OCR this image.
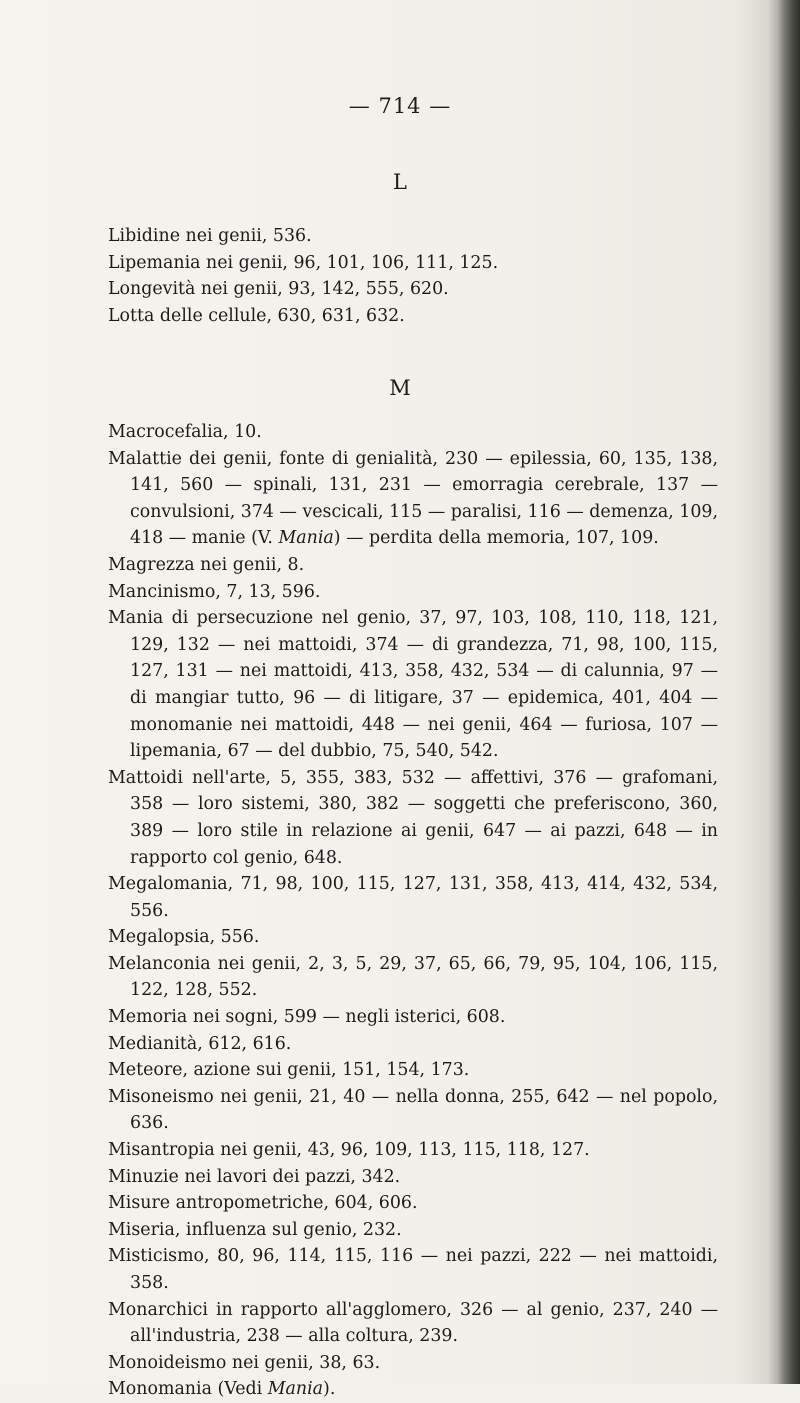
— 714 —
L

Libidine nei genii, 536.

Lipemania nei genii, 96, 101, 106, 111, 125.

Longevità nei genii, 93, 142, 555, 620.

Lotta delle cellule, 630, 631, 632.

M

Macrocefalia, 10.

Malattie dei genii, fonte di genialità, 230 — epilessia, 60, 135, 138, 141, 560 — spinali, 131, 231 — emorragia cerebrale, 137 — convulsioni, 374 — vescicali, 115 — paralisi, 116 — demenza, 109, 418 — manie (V. Mania) — perdita della memoria, 107, 109.

Magrezza nei genii, 8.

Mancinismo, 7, 13, 596.

Mania di persecuzione nel genio, 37, 97, 103, 108, 110, 118, 121, 129, 132 — nei mattoidi, 374 — di grandezza, 71, 98, 100, 115, 127, 131 — nei mattoidi, 413, 358, 432, 534 — di calunnia, 97 — di mangiar tutto, 96 — di litigare, 37 — epidemica, 401, 404 — monomanie nei mattoidi, 448 — nei genii, 464 — furiosa, 107 — lipemania, 67 — del dubbio, 75, 540, 542.

Mattoidi nell'arte, 5, 355, 383, 532 — affettivi, 376 — grafomani, 358 — loro sistemi, 380, 382 — soggetti che preferiscono, 360, 389 — loro stile in relazione ai genii, 647 — ai pazzi, 648 — in rapporto col genio, 648.

Megalomania, 71, 98, 100, 115, 127, 131, 358, 413, 414, 432, 534, 556.

Megalopsia, 556.

Melanconia nei genii, 2, 3, 5, 29, 37, 65, 66, 79, 95, 104, 106, 115, 122, 128, 552.

Memoria nei sogni, 599 — negli isterici, 608.

Medianità, 612, 616.

Meteore, azione sui genii, 151, 154, 173.

Misoneismo nei genii, 21, 40 — nella donna, 255, 642 — nel popolo, 636.

Misantropia nei genii, 43, 96, 109, 113, 115, 118, 127.

Minuzie nei lavori dei pazzi, 342.

Misure antropometriche, 604, 606.

Miseria, influenza sul genio, 232.

Misticismo, 80, 96, 114, 115, 116 — nei pazzi, 222 — nei mattoidi, 358.

Monarchici in rapporto all'agglomero, 326 — al genio, 237, 240 — all'industria, 238 — alla coltura, 239.

Monoideismo nei genii, 38, 63.

Monomania (Vedi Mania).
